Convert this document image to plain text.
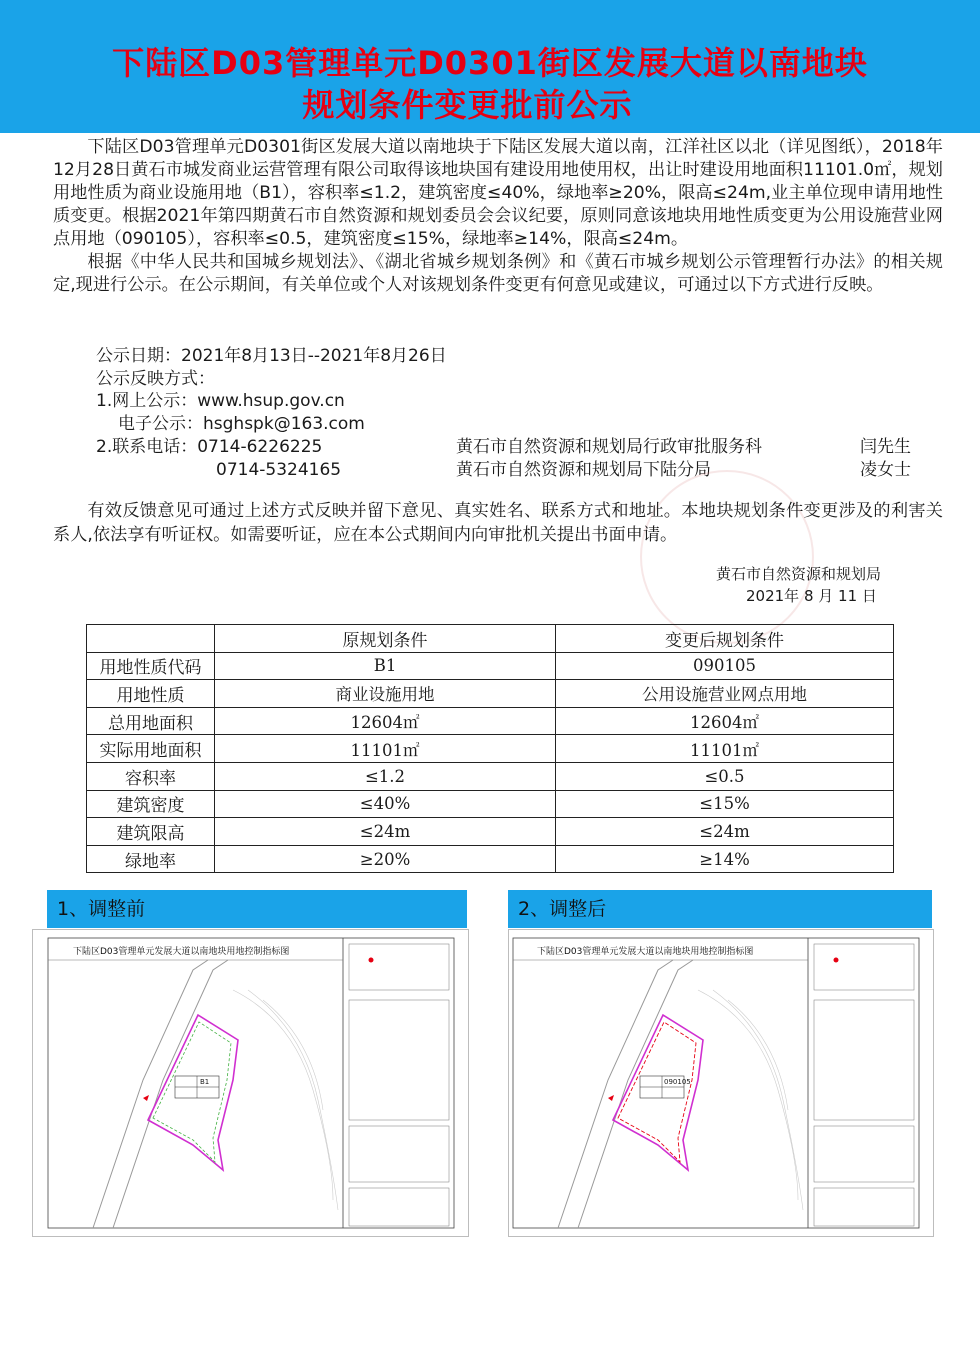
下陆区D03管理单元D0301街区发展大道以南地块
规划条件变更批前公示

下陆区D03管理单元D0301街区发展大道以南地块于下陆区发展大道以南，江洋社区以北（详见图纸），2018年12月28日黄石市城发商业运营管理有限公司取得该地块国有建设用地使用权，出让时建设用地面积11101.0㎡，规划用地性质为商业设施用地（B1），容积率≤1.2，建筑密度≤40%，绿地率≥20%，限高≤24m,业主单位现申请用地性质变更。根据2021年第四期黄石市自然资源和规划委员会会议纪要，原则同意该地块用地性质变更为公用设施营业网点用地（090105），容积率≤0.5，建筑密度≤15%，绿地率≥14%，限高≤24m。

根据《中华人民共和国城乡规划法》、《湖北省城乡规划条例》和《黄石市城乡规划公示管理暂行办法》的相关规定,现进行公示。在公示期间，有关单位或个人对该规划条件变更有何意见或建议，可通过以下方式进行反映。

公示日期：2021年8月13日--2021年8月26日
公示反映方式：
1.网上公示：www.hsup.gov.cn
电子公示：hsghspk@163.com
2.联系电话：0714-6226225
0714-5324165
黄石市自然资源和规划局行政审批服务科	闫先生
黄石市自然资源和规划局下陆分局	凌女士

有效反馈意见可通过上述方式反映并留下意见、真实姓名、联系方式和地址。本地块规划条件变更涉及的利害关系人,依法享有听证权。如需要听证，应在本公式期间内向审批机关提出书面申请。

黄石市自然资源和规划局
2021年 8 月 11 日
	原规划条件	变更后规划条件
用地性质代码	B1	090105
用地性质	商业设施用地	公用设施营业网点用地
总用地面积	12604㎡	12604㎡
实际用地面积	11101㎡	11101㎡
容积率	≤1.2	≤0.5
建筑密度	≤40%	≤15%
建筑限高	≤24m	≤24m
绿地率	≥20%	≥14%
1、调整前	2、调整后
下陆区D03管理单元发展大道以南地块用地控制指标图
B1
下陆区D03管理单元发展大道以南地块用地控制指标图
090105
